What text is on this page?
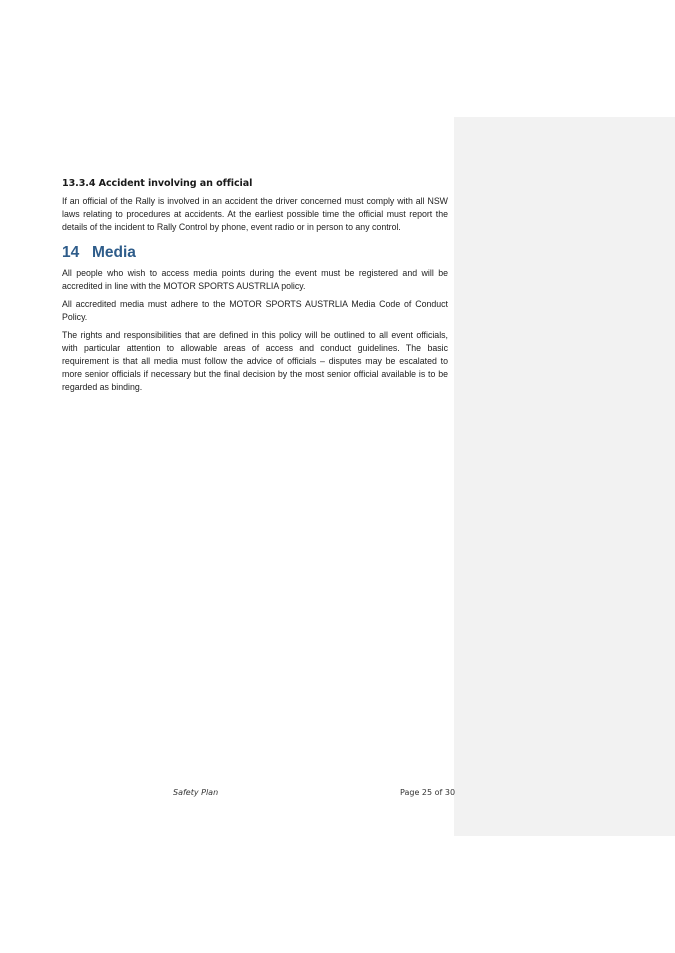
13.3.4 Accident involving an official

If an official of the Rally is involved in an accident the driver concerned must comply with all NSW laws relating to procedures at accidents. At the earliest possible time the official must report the details of the incident to Rally Control by phone, event radio or in person to any control.

14 Media

All people who wish to access media points during the event must be registered and will be accredited in line with the MOTOR SPORTS AUSTRLIA policy.

All accredited media must adhere to the MOTOR SPORTS AUSTRLIA Media Code of Conduct Policy.

The rights and responsibilities that are defined in this policy will be outlined to all event officials, with particular attention to allowable areas of access and conduct guidelines. The basic requirement is that all media must follow the advice of officials – disputes may be escalated to more senior officials if necessary but the final decision by the most senior official available is to be regarded as binding.

Safety Plan	Page 25 of 30
